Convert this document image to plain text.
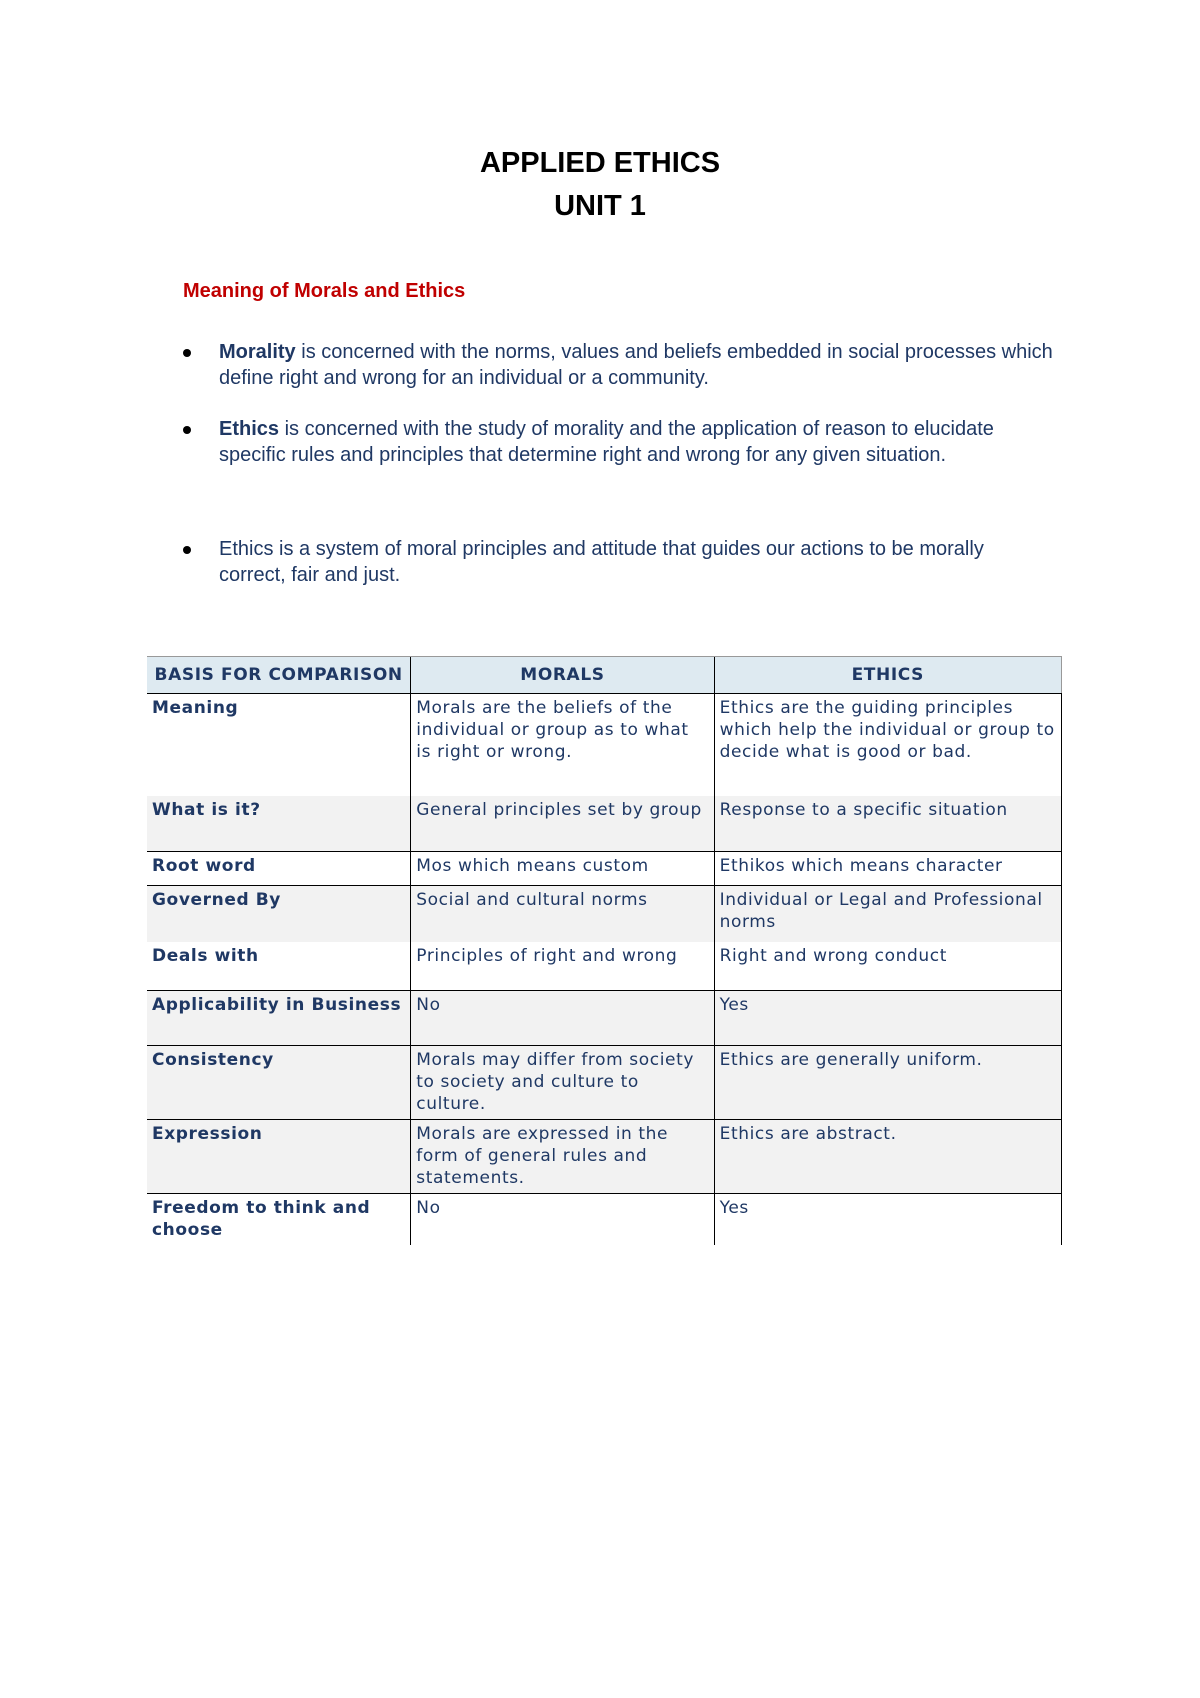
APPLIED ETHICS
UNIT 1
Meaning of Morals and Ethics
Morality is concerned with the norms, values and beliefs embedded in social processes which define right and wrong for an individual or a community.
Ethics is concerned with the study of morality and the application of reason to elucidate specific rules and principles that determine right and wrong for any given situation.
Ethics is a system of moral principles and attitude that guides our actions to be morally correct, fair and just.
BASIS FOR COMPARISON	MORALS	ETHICS
Meaning	Morals are the beliefs of the individual or group as to what is right or wrong.	Ethics are the guiding principles which help the individual or group to decide what is good or bad.
What is it?	General principles set by group	Response to a specific situation
Root word	Mos which means custom	Ethikos which means character
Governed By	Social and cultural norms	Individual or Legal and Professional norms
Deals with	Principles of right and wrong	Right and wrong conduct
Applicability in Business	No	Yes
Consistency	Morals may differ from society to society and culture to culture.	Ethics are generally uniform.
Expression	Morals are expressed in the form of general rules and statements.	Ethics are abstract.
Freedom to think and choose	No	Yes
